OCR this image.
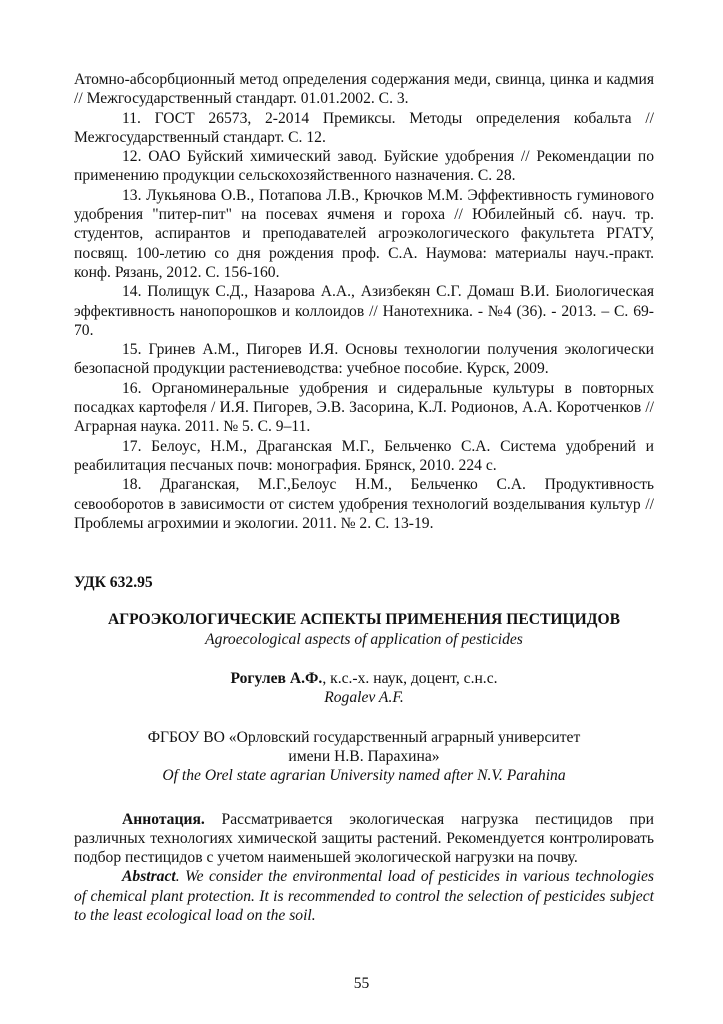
Атомно-абсорбционный метод определения содержания меди, свинца, цинка и кадмия // Межгосударственный стандарт. 01.01.2002. С. 3.

11. ГОСТ 26573, 2-2014 Премиксы. Методы определения кобальта // Межгосударственный стандарт. С. 12.

12. ОАО Буйский химический завод. Буйские удобрения // Рекомендации по применению продукции сельскохозяйственного назначения. С. 28.

13. Лукьянова О.В., Потапова Л.В., Крючков М.М. Эффективность гуминового удобрения "питер-пит" на посевах ячменя и гороха // Юбилейный сб. науч. тр. студентов, аспирантов и преподавателей агроэкологического факультета РГАТУ, посвящ. 100-летию со дня рождения проф. С.А. Наумова: материалы науч.-практ. конф. Рязань, 2012. С. 156-160.

14. Полищук С.Д., Назарова А.А., Азизбекян С.Г. Домаш В.И. Биологическая эффективность нанопорошков и коллоидов // Нанотехника. - №4 (36). - 2013. – С. 69-70.

15. Гринев А.М., Пигорев И.Я. Основы технологии получения экологически безопасной продукции растениеводства: учебное пособие. Курск, 2009.

16. Органоминеральные удобрения и сидеральные культуры в повторных посадках картофеля / И.Я. Пигорев, Э.В. Засорина, К.Л. Родионов, А.А. Коротченков // Аграрная наука. 2011. № 5. С. 9–11.

17. Белоус, Н.М., Драганская М.Г., Бельченко С.А. Система удобрений и реабилитация песчаных почв: монография. Брянск, 2010. 224 с.

18. Драганская, М.Г.,Белоус Н.М., Бельченко С.А. Продуктивность севооборотов в зависимости от систем удобрения технологий возделывания культур // Проблемы агрохимии и экологии. 2011. № 2. С. 13-19.

УДК 632.95

АГРОЭКОЛОГИЧЕСКИЕ АСПЕКТЫ ПРИМЕНЕНИЯ ПЕСТИЦИДОВ

Agroecological aspects of application of pesticides

Рогулев А.Ф., к.с.-х. наук, доцент, с.н.с.

Rogalev A.F.

ФГБОУ ВО «Орловский государственный аграрный университет

имени Н.В. Парахина»

Of the Orel state agrarian University named after N.V. Parahina

Аннотация. Рассматривается экологическая нагрузка пестицидов при различных технологиях химической защиты растений. Рекомендуется контролировать подбор пестицидов с учетом наименьшей экологической нагрузки на почву.

Abstract. We consider the environmental load of pesticides in various technologies of chemical plant protection. It is recommended to control the selection of pesticides subject to the least ecological load on the soil.

55
